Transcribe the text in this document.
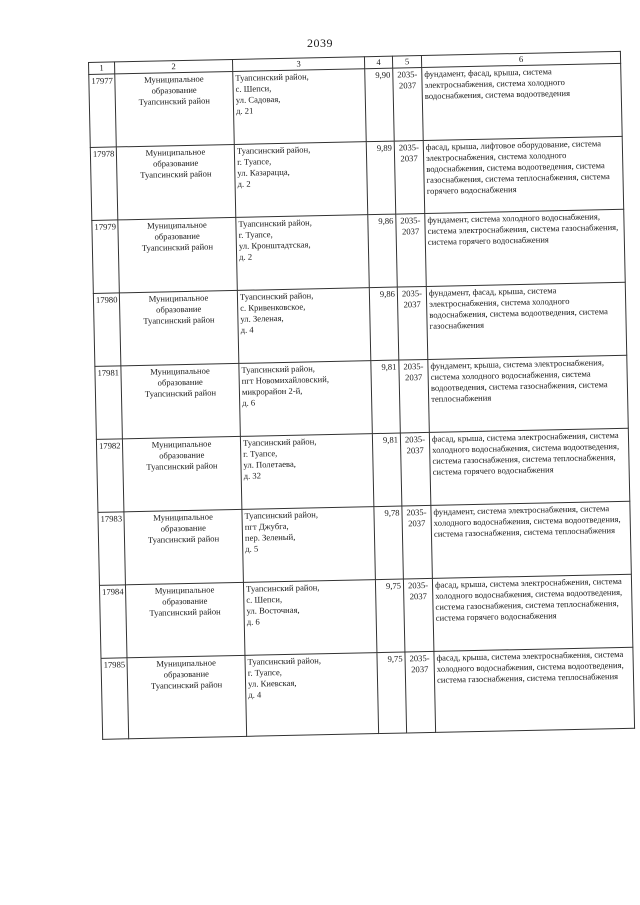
2039
1	2	3	4	5	6

17977	Муниципальное
образование
Туапсинский район	Туапсинский район,
с. Шепси,
ул. Садовая,
д. 21	9,90	2035-
2037	фундамент, фасад, крыша, система электроснабжения, система холодного водоснабжения, система водоотведения

17978	Муниципальное
образование
Туапсинский район	Туапсинский район,
г. Туапсе,
ул. Казарацца,
д. 2	9,89	2035-
2037	фасад, крыша, лифтовое оборудование, система электроснабжения, система холодного водоснабжения, система водоотведения, система газоснабжения, система теплоснабжения, система горячего водоснабжения

17979	Муниципальное
образование
Туапсинский район	Туапсинский район,
г. Туапсе,
ул. Кронштадтская,
д. 2	9,86	2035-
2037	фундамент, система холодного водоснабжения, система электроснабжения, система газоснабжения, система горячего водоснабжения

17980	Муниципальное
образование
Туапсинский район	Туапсинский район,
с. Кривенковское,
ул. Зеленая,
д. 4	9,86	2035-
2037	фундамент, фасад, крыша, система электроснабжения, система холодного водоснабжения, система водоотведения, система газоснабжения

17981	Муниципальное
образование
Туапсинский район	Туапсинский район,
пгт Новомихайловский,
микрорайон 2-й,
д. 6	9,81	2035-
2037	фундамент, крыша, система электроснабжения, система холодного водоснабжения, система водоотведения, система газоснабжения, система теплоснабжения

17982	Муниципальное
образование
Туапсинский район	Туапсинский район,
г. Туапсе,
ул. Полетаева,
д. 32	9,81	2035-
2037	фасад, крыша, система электроснабжения, система холодного водоснабжения, система водоотведения, система газоснабжения, система теплоснабжения, система горячего водоснабжения

17983	Муниципальное
образование
Туапсинский район	Туапсинский район,
пгт Джубга,
пер. Зеленый,
д. 5	9,78	2035-
2037	фундамент, система электроснабжения, система холодного водоснабжения, система водоотведения, система газоснабжения, система теплоснабжения

17984	Муниципальное
образование
Туапсинский район	Туапсинский район,
с. Шепси,
ул. Восточная,
д. 6	9,75	2035-
2037	фасад, крыша, система электроснабжения, система холодного водоснабжения, система водоотведения, система газоснабжения, система теплоснабжения, система горячего водоснабжения

17985	Муниципальное
образование
Туапсинский район	Туапсинский район,
г. Туапсе,
ул. Киевская,
д. 4	9,75	2035-
2037	фасад, крыша, система электроснабжения, система холодного водоснабжения, система водоотведения, система газоснабжения, система теплоснабжения
